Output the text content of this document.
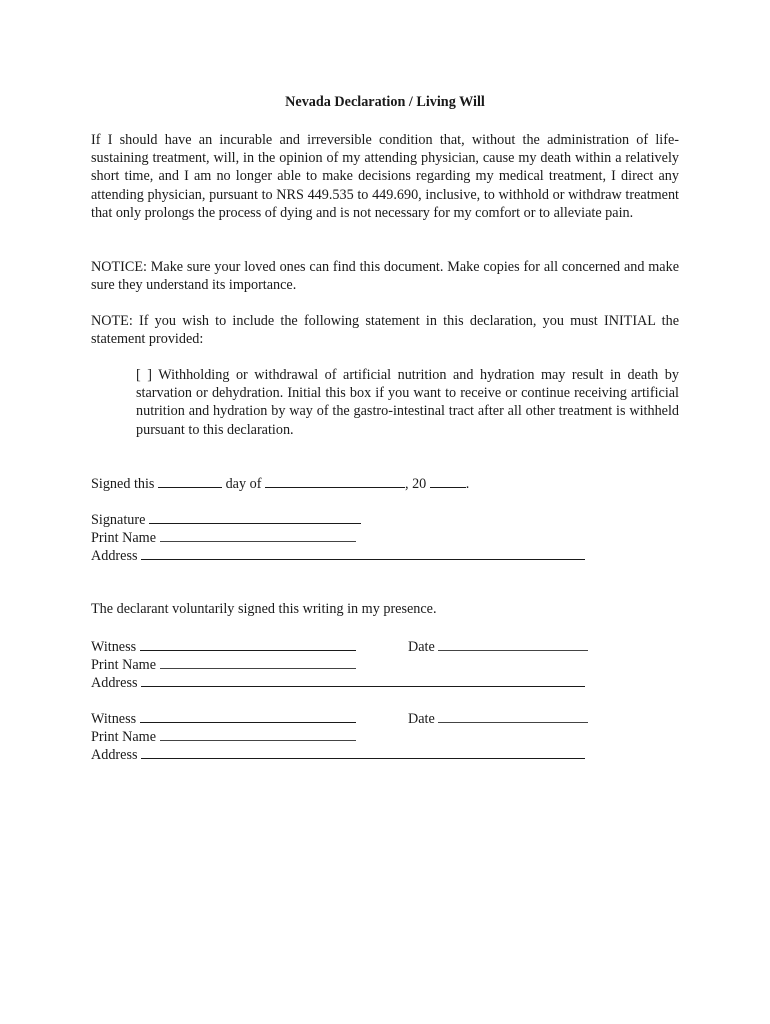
Nevada Declaration / Living Will

If I should have an incurable and irreversible condition that, without the administration of life-sustaining treatment, will, in the opinion of my attending physician, cause my death within a relatively short time, and I am no longer able to make decisions regarding my medical treatment, I direct any attending physician, pursuant to NRS 449.535 to 449.690, inclusive, to withhold or withdraw treatment that only prolongs the process of dying and is not necessary for my comfort or to alleviate pain.

NOTICE: Make sure your loved ones can find this document. Make copies for all concerned and make sure they understand its importance.

NOTE: If you wish to include the following statement in this declaration, you must INITIAL the statement provided:

[ ] Withholding or withdrawal of artificial nutrition and hydration may result in death by starvation or dehydration. Initial this box if you want to receive or continue receiving artificial nutrition and hydration by way of the gastro-intestinal tract after all other treatment is withheld pursuant to this declaration.

Signed this	day of	, 20	.
Signature
Print Name
Address
The declarant voluntarily signed this writing in my presence.
Witness	Date
Print Name
Address
Witness	Date
Print Name
Address
